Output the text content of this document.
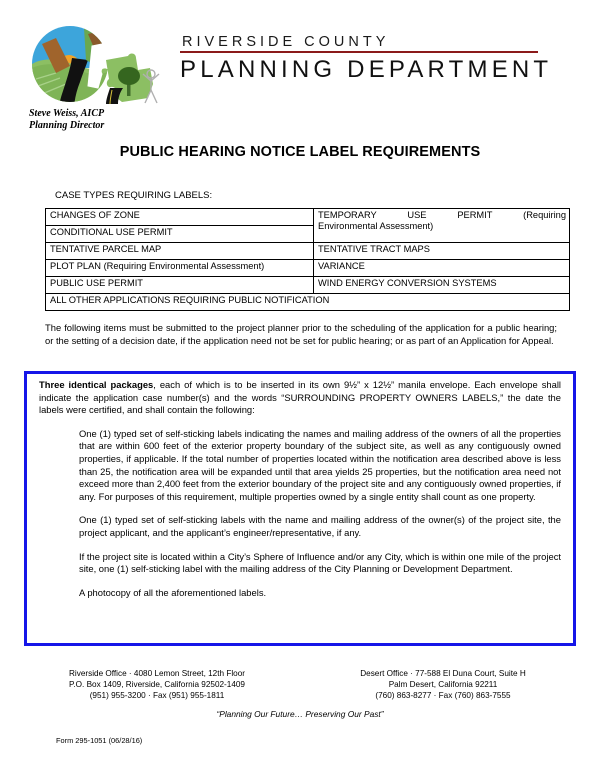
RIVERSIDE COUNTY
PLANNING DEPARTMENT
Steve Weiss, AICP
Planning Director
PUBLIC HEARING NOTICE LABEL REQUIREMENTS
CASE TYPES REQUIRING LABELS:
CHANGES OF ZONE	TEMPORARY USE PERMIT (Requiring
Environmental Assessment)

CONDITIONAL USE PERMIT	
TENTATIVE PARCEL MAP	TENTATIVE TRACT MAPS
PLOT PLAN (Requiring Environmental Assessment)	VARIANCE
PUBLIC USE PERMIT	WIND ENERGY CONVERSION SYSTEMS
ALL OTHER APPLICATIONS REQUIRING PUBLIC NOTIFICATION	
The following items must be submitted to the project planner prior to the scheduling of the application for a public hearing; or the setting of a decision date, if the application need not be set for public hearing; or as part of an Application for Appeal.

Three identical packages, each of which is to be inserted in its own 9½” x 12½” manila envelope. Each envelope shall indicate the application case number(s) and the words “SURROUNDING PROPERTY OWNERS LABELS,” the date the labels were certified, and shall contain the following:

One (1) typed set of self-sticking labels indicating the names and mailing address of the owners of all the properties that are within 600 feet of the exterior property boundary of the subject site, as well as any contiguously owned properties, if applicable. If the total number of properties located within the notification area described above is less than 25, the notification area will be expanded until that area yields 25 properties, but the notification area need not exceed more than 2,400 feet from the exterior boundary of the project site and any contiguously owned properties, if any. For purposes of this requirement, multiple properties owned by a single entity shall count as one property.

One (1) typed set of self-sticking labels with the name and mailing address of the owner(s) of the project site, the project applicant, and the applicant’s engineer/representative, if any.

If the project site is located within a City’s Sphere of Influence and/or any City, which is within one mile of the project site, one (1) self-sticking label with the mailing address of the City Planning or Development Department.

A photocopy of all the aforementioned labels.

Riverside Office · 4080 Lemon Street, 12th Floor
P.O. Box 1409, Riverside, California 92502-1409
(951) 955-3200 · Fax (951) 955-1811
Desert Office · 77-588 El Duna Court, Suite H
Palm Desert, California 92211
(760) 863-8277 · Fax (760) 863-7555
“Planning Our Future… Preserving Our Past”
Form 295-1051 (06/28/16)
